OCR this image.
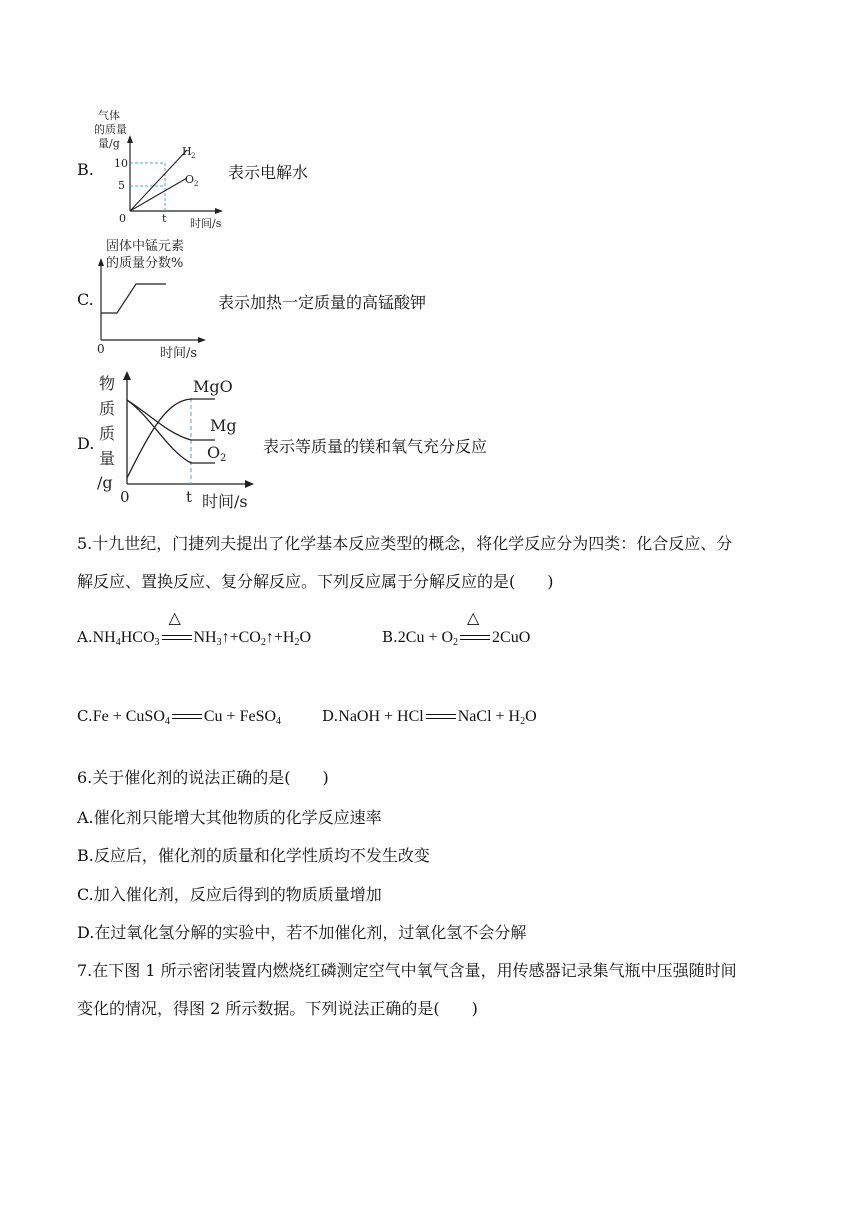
B.
气体
的质量
量/g
10
5
0	t 时间/s
H 2
O 2
表示电解水
C.
固体中锰元素
的质量分数%
0	时间/s
表示加热一定质量的高锰酸钾
D.
物
质
质
量
/g
MgO
Mg
O 2
0	t 时间/s
表示等质量的镁和氧气充分反应
5.十九世纪，门捷列夫提出了化学基本反应类型的概念，将化学反应分为四类：化合反应、分
解反应、置换反应、复分解反应。下列反应属于分解反应的是(　　)
$A.NH_4HCO_3$
△
$NH_3↑+CO_2↑+H_2O$	$B.2Cu + O_2$
△
2CuO
C.Fe + CuSO$_4$ Cu + FeSO$_4$	D.NaOH + HCl NaCl + $H_2O$
6.关于催化剂的说法正确的是(　　)
A.催化剂只能增大其他物质的化学反应速率
B.反应后，催化剂的质量和化学性质均不发生改变
C.加入催化剂，反应后得到的物质质量增加
D.在过氧化氢分解的实验中，若不加催化剂，过氧化氢不会分解
7.在下图 1 所示密闭装置内燃烧红磷测定空气中氧气含量，用传感器记录集气瓶中压强随时间
变化的情况，得图 2 所示数据。下列说法正确的是(　　)
